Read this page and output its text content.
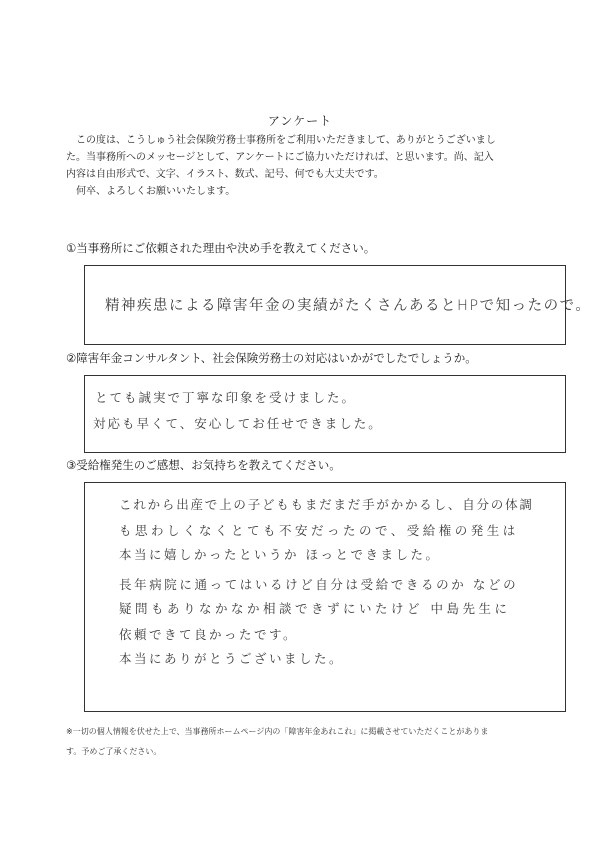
アンケート

この度は、こうしゅう社会保険労務士事務所をご利用いただきまして、ありがとうございまし

た。当事務所へのメッセージとして、アンケートにご協力いただければ、と思います。尚、記入

内容は自由形式で、文字、イラスト、数式、記号、何でも大丈夫です。

何卒、よろしくお願いいたします。

①当事務所にご依頼された理由や決め手を教えてください。
精神疾患による障害年金の実績がたくさんあるとHPで知ったので。
②障害年金コンサルタント、社会保険労務士の対応はいかがでしたでしょうか。
とても誠実で丁寧な印象を受けました。
対応も早くて、安心してお任せできました。
③受給権発生のご感想、お気持ちを教えてください。
これから出産で上の子どももまだまだ手がかかるし、自分の体調
も思わしくなくとても不安だったので、受給権の発生は
本当に嬉しかったというか ほっとできました。
長年病院に通ってはいるけど自分は受給できるのか などの
疑問もありなかなか相談できずにいたけど 中島先生に
依頼できて良かったです。
本当にありがとうございました。

※一切の個人情報を伏せた上で、当事務所ホームページ内の「障害年金あれこれ」に掲載させていただくことがありま

す。予めご了承ください。
